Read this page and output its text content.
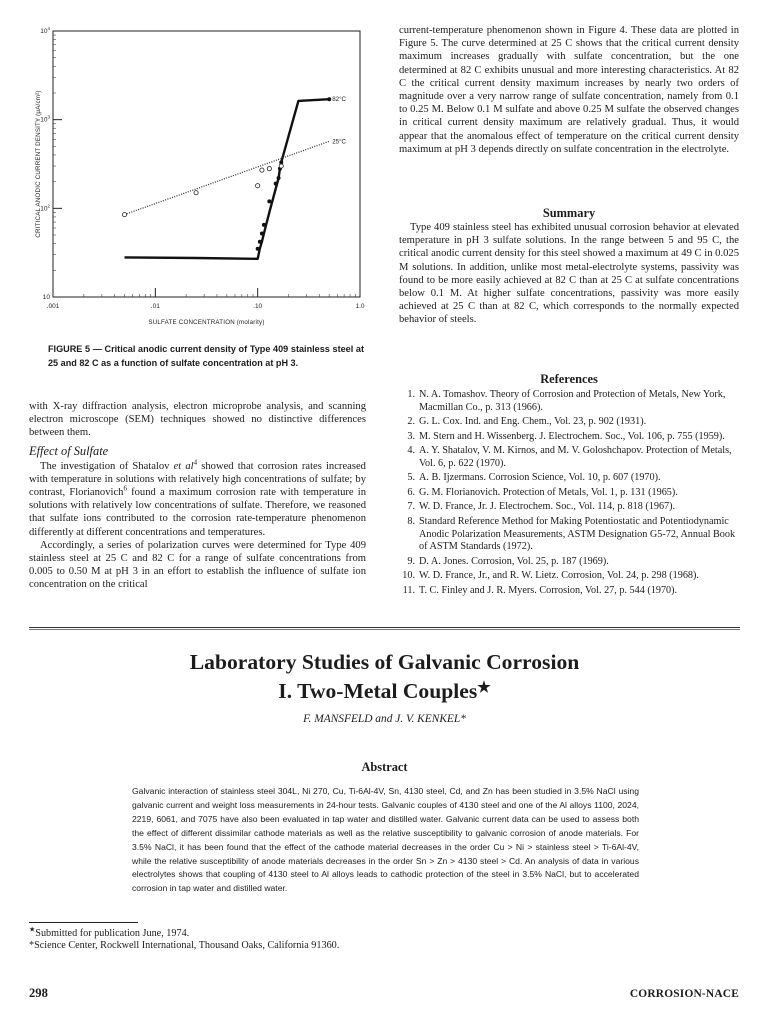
.001	.01	.10	1.0
10
$10^2$
$10^3$
$10^4$
SULFATE CONCENTRATION (molarity)
CRITICAL ANODIC CURRENT DENSITY (μA/cm²)	82°C
25°C
FIGURE 5 — Critical anodic current density of Type 409 stainless steel at 25 and 82 C as a function of sulfate concentration at pH 3.

with X-ray diffraction analysis, electron microprobe analysis, and scanning electron microscope (SEM) techniques showed no distinctive differences between them.

Effect of Sulfate

The investigation of Shatalov et $al^4$ showed that corrosion rates increased with temperature in solutions with relatively high concentrations of sulfate; by contrast, Florianovich$^6$ found a maximum corrosion rate with temperature in solutions with relatively low concentrations of sulfate. Therefore, we reasoned that sulfate ions contributed to the corrosion rate-temperature phenomenon differently at different concentrations and temperatures.

Accordingly, a series of polarization curves were determined for Type 409 stainless steel at 25 C and 82 C for a range of sulfate concentrations from 0.005 to 0.50 M at pH 3 in an effort to establish the influence of sulfate ion concentration on the critical

current-temperature phenomenon shown in Figure 4. These data are plotted in Figure 5. The curve determined at 25 C shows that the critical current density maximum increases gradually with sulfate concentration, but the one determined at 82 C exhibits unusual and more interesting characteristics. At 82 C the critical current density maximum increases by nearly two orders of magnitude over a very narrow range of sulfate concentration, namely from 0.1 to 0.25 M. Below 0.1 M sulfate and above 0.25 M sulfate the observed changes in critical current density maximum are relatively gradual. Thus, it would appear that the anomalous effect of temperature on the critical current density maximum at pH 3 depends directly on sulfate concentration in the electrolyte.

Summary

Type 409 stainless steel has exhibited unusual corrosion behavior at elevated temperature in pH 3 sulfate solutions. In the range between 5 and 95 C, the critical anodic current density for this steel showed a maximum at 49 C in 0.025 M solutions. In addition, unlike most metal-electrolyte systems, passivity was found to be more easily achieved at 82 C than at 25 C at sulfate concentrations below 0.1 M. At higher sulfate concentrations, passivity was more easily achieved at 25 C than at 82 C, which corresponds to the normally expected behavior of steels.

References
1. N. A. Tomashov. Theory of Corrosion and Protection of Metals, New York, Macmillan Co., p. 313 (1966).
2. G. L. Cox. Ind. and Eng. Chem., Vol. 23, p. 902 (1931).
3. M. Stern and H. Wissenberg. J. Electrochem. Soc., Vol. 106, p. 755 (1959).
4. A. Y. Shatalov, V. M. Kirnos, and M. V. Goloshchapov. Protection of Metals, Vol. 6, p. 622 (1970).
5. A. B. Ijzermans. Corrosion Science, Vol. 10, p. 607 (1970).
6. G. M. Florianovich. Protection of Metals, Vol. 1, p. 131 (1965).
7. W. D. France, Jr. J. Electrochem. Soc., Vol. 114, p. 818 (1967).
8. Standard Reference Method for Making Potentiostatic and Potentiodynamic Anodic Polarization Measurements, ASTM Designation G5-72, Annual Book of ASTM Standards (1972).
9. D. A. Jones. Corrosion, Vol. 25, p. 187 (1969).
10. W. D. France, Jr., and R. W. Lietz. Corrosion, Vol. 24, p. 298 (1968).
11. T. C. Finley and J. R. Myers. Corrosion, Vol. 27, p. 544 (1970).
Laboratory Studies of Galvanic Corrosion
I. Two-Metal Couples★
F. MANSFELD and J. V. KENKEL*
Abstract
Galvanic interaction of stainless steel 304L, Ni 270, Cu, Ti-6Al-4V, Sn, 4130 steel, Cd, and Zn has been studied in 3.5% NaCl using galvanic current and weight loss measurements in 24-hour tests. Galvanic couples of 4130 steel and one of the Al alloys 1100, 2024, 2219, 6061, and 7075 have also been evaluated in tap water and distilled water. Galvanic current data can be used to assess both the effect of different dissimilar cathode materials as well as the relative susceptibility to galvanic corrosion of anode materials. For 3.5% NaCl, it has been found that the effect of the cathode material decreases in the order Cu > Ni > stainless steel > Ti-6Al-4V, while the relative susceptibility of anode materials decreases in the order Sn > Zn > 4130 steel > Cd. An analysis of data in various electrolytes shows that coupling of 4130 steel to Al alloys leads to cathodic protection of the steel in 3.5% NaCl, but to accelerated corrosion in tap water and distilled water.
★Submitted for publication June, 1974.
*Science Center, Rockwell International, Thousand Oaks, California 91360.
298	CORROSION-NACE
